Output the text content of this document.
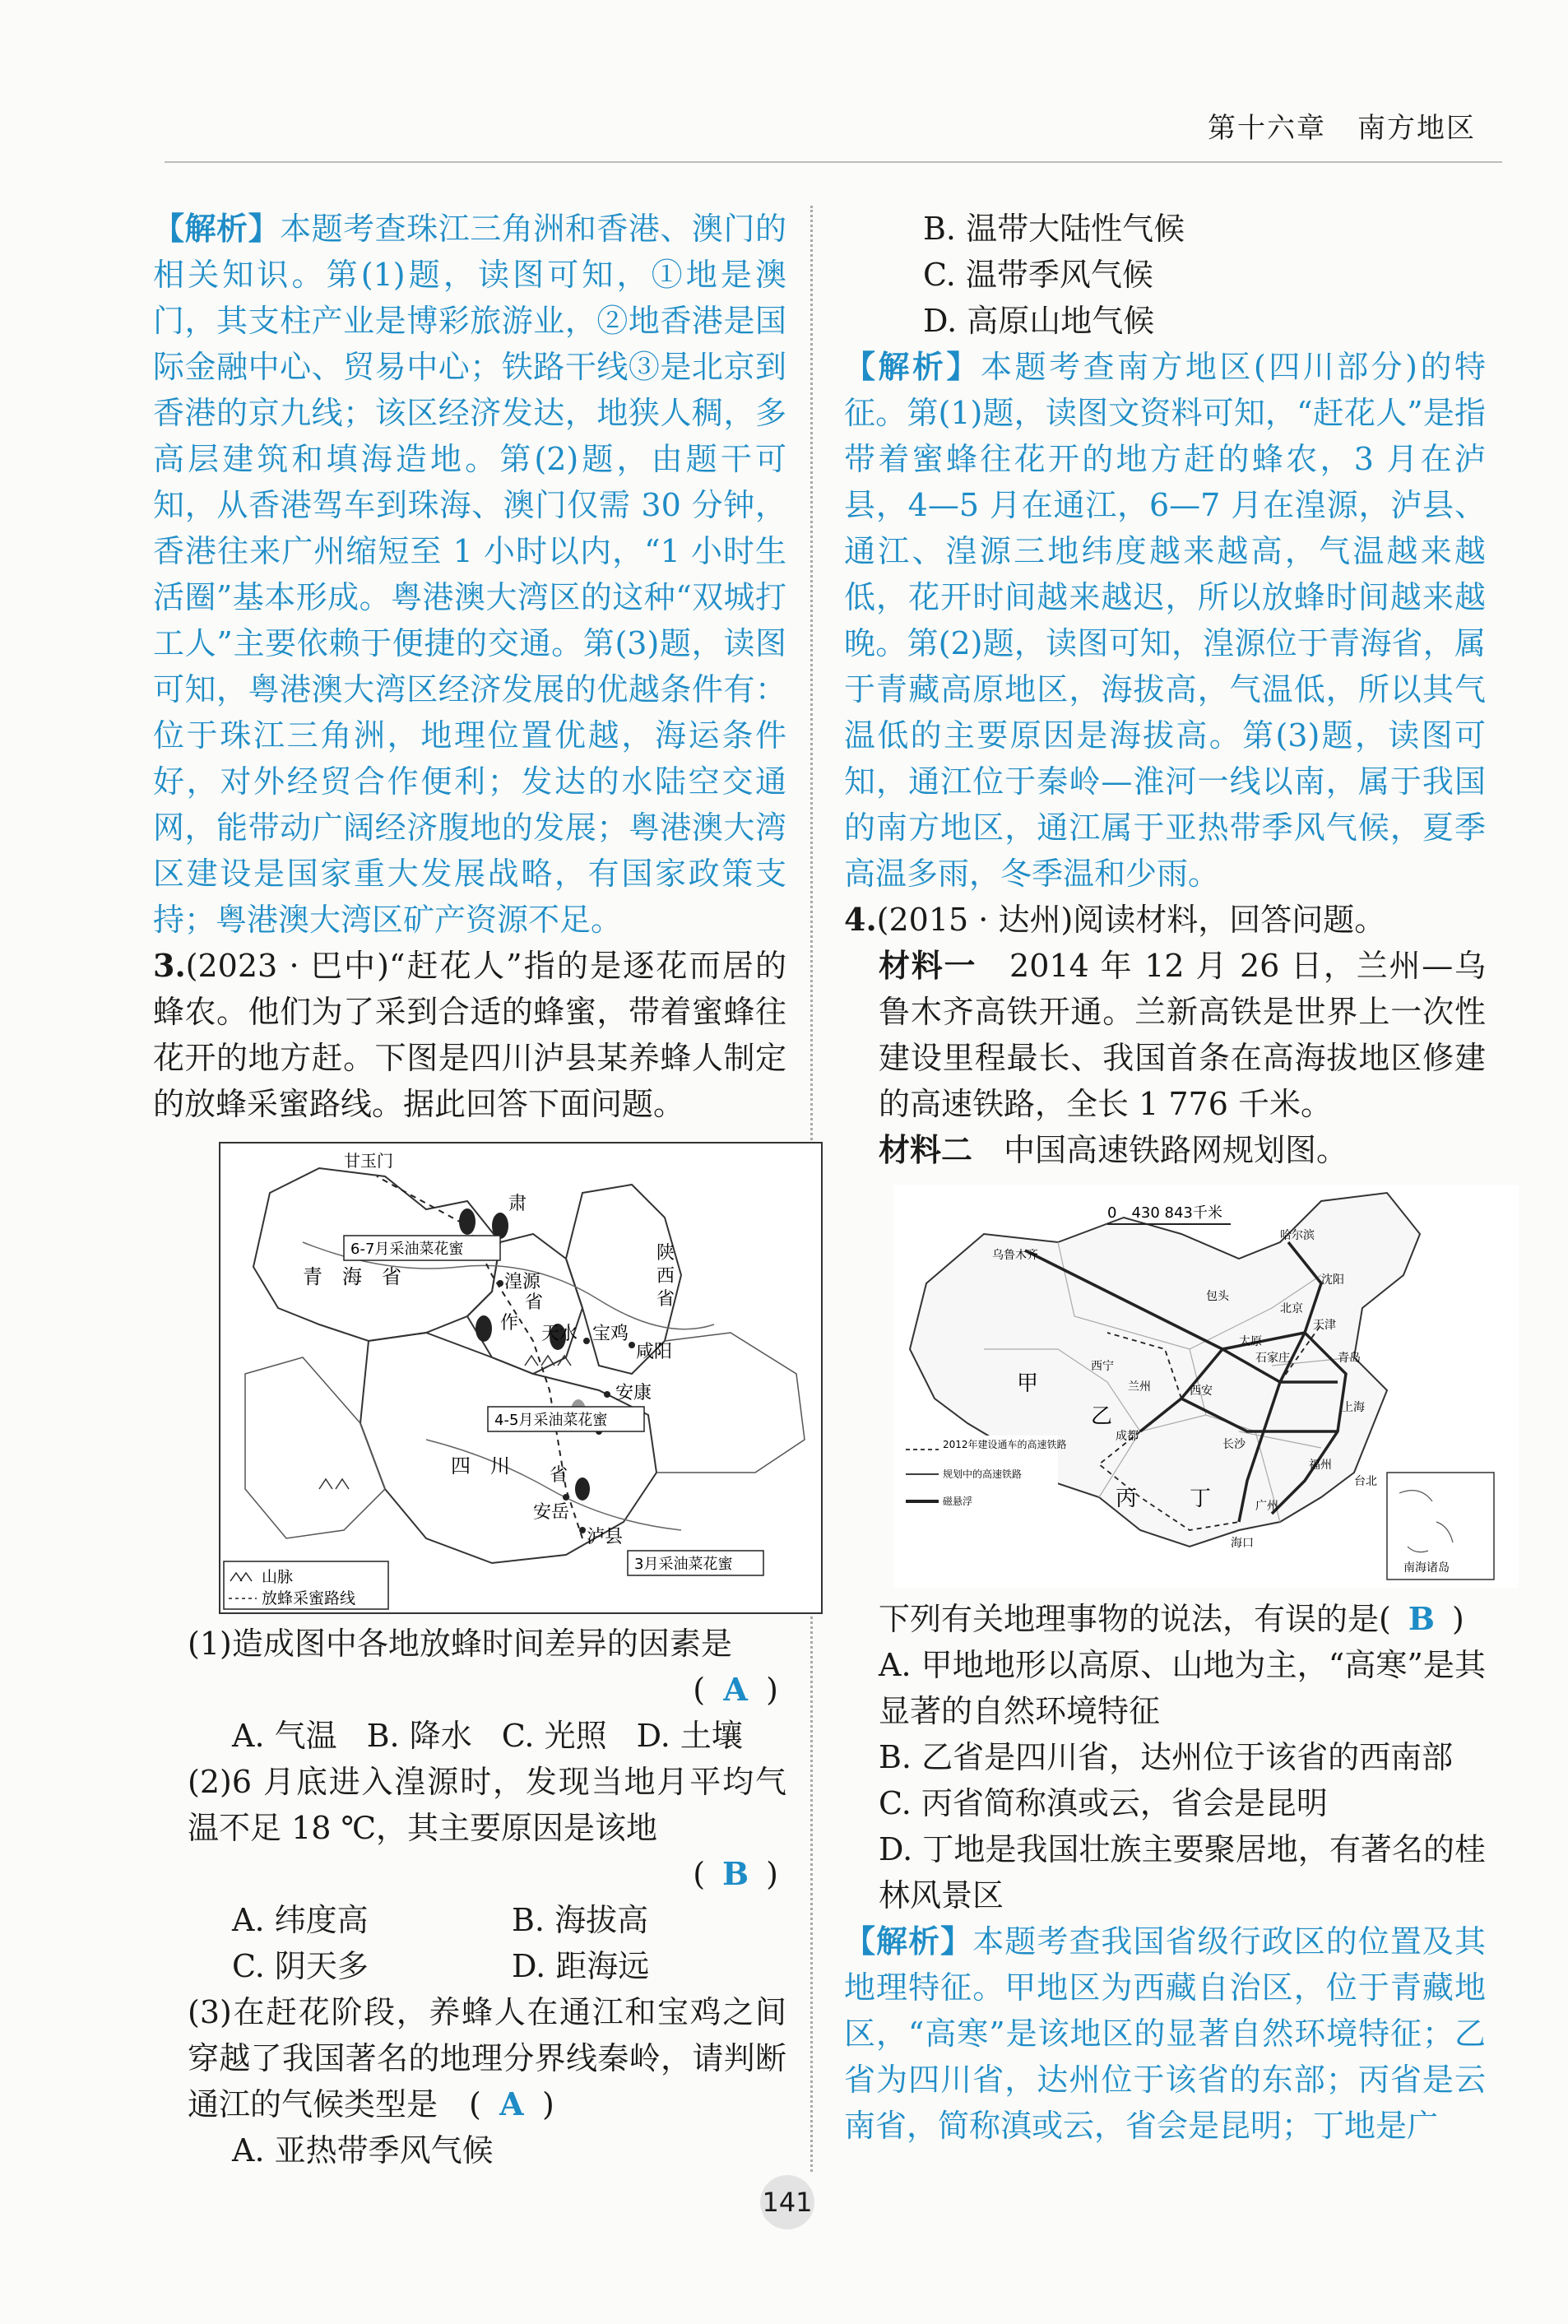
第十六章 南方地区

【解析】本题考查珠江三角洲和香港、澳门的相关知识。第(1)题，读图可知，①地是澳门，其支柱产业是博彩旅游业，②地香港是国际金融中心、贸易中心；铁路干线③是北京到香港的京九线；该区经济发达，地狭人稠，多高层建筑和填海造地。第(2)题，由题干可知，从香港驾车到珠海、澳门仅需 30 分钟，香港往来广州缩短至 1 小时以内，“1 小时生活圈”基本形成。粤港澳大湾区的这种“双城打工人”主要依赖于便捷的交通。第(3)题，读图可知，粤港澳大湾区经济发展的优越条件有：位于珠江三角洲，地理位置优越，海运条件好，对外经贸合作便利；发达的水陆空交通网，能带动广阔经济腹地的发展；粤港澳大湾区建设是国家重大发展战略，有国家政策支持；粤港澳大湾区矿产资源不足。

3.(2023 · 巴中)“赶花人”指的是逐花而居的蜂农。他们为了采到合适的蜂蜜，带着蜜蜂往花开的地方赶。下图是四川泸县某养蜂人制定的放蜂采蜜路线。据此回答下面问题。

甘玉门
青　海　省	湟源
肃
省
天水 宝鸡
咸阳
陕
西
省
安康
四　川 省
安岳
泸县
作
6-7月采油菜花蜜
4-5月采油菜花蜜
3月采油菜花蜜
山脉
放蜂采蜜路线

(1)造成图中各地放蜂时间差异的因素是

( A )
A. 气温 B. 降水 C. 光照 D. 土壤

(2)6 月底进入湟源时，发现当地月平均气温不足 18 ℃，其主要原因是该地

( B )
A. 纬度高	B. 海拔高
C. 阴天多	D. 距海远

(3)在赶花阶段，养蜂人在通江和宝鸡之间穿越了我国著名的地理分界线秦岭，请判断通江的气候类型是　( A )

A. 亚热带季风气候
B. 温带大陆性气候
C. 温带季风气候
D. 高原山地气候

【解析】本题考查南方地区(四川部分)的特征。第(1)题，读图文资料可知，“赶花人”是指带着蜜蜂往花开的地方赶的蜂农，3 月在泸县，4—5 月在通江，6—7 月在湟源，泸县、通江、湟源三地纬度越来越高，气温越来越低，花开时间越来越迟，所以放蜂时间越来越晚。第(2)题，读图可知，湟源位于青海省，属于青藏高原地区，海拔高，气温低，所以其气温低的主要原因是海拔高。第(3)题，读图可知，通江位于秦岭—淮河一线以南，属于我国的南方地区，通江属于亚热带季风气候，夏季高温多雨，冬季温和少雨。

4.(2015 · 达州)阅读材料，回答问题。

材料一　 2014 年 12 月 26 日，兰州—乌鲁木齐高铁开通。兰新高铁是世界上一次性建设里程最长、我国首条在高海拔地区修建的高速铁路，全长 1 776 千米。

材料二　 中国高速铁路网规划图。

南海诸岛
0　430 843千米
乌鲁木齐
哈尔滨
沈阳
北京
天津
太原
西宁
兰州	西安
上海
成都
长沙
福州
台北
广州
海口
包头
石家庄	青岛
甲
乙
丙 丁
2012年建设通车的高速铁路
规划中的高速铁路
磁悬浮

下列有关地理事物的说法，有误的是( B )

A. 甲地地形以高原、山地为主，“高寒”是其显著的自然环境特征

B. 乙省是四川省，达州位于该省的西南部

C. 丙省简称滇或云，省会是昆明

D. 丁地是我国壮族主要聚居地，有著名的桂林风景区

【解析】本题考查我国省级行政区的位置及其地理特征。甲地区为西藏自治区，位于青藏地区，“高寒”是该地区的显著自然环境特征；乙省为四川省，达州位于该省的东部；丙省是云南省，简称滇或云，省会是昆明；丁地是广

141
